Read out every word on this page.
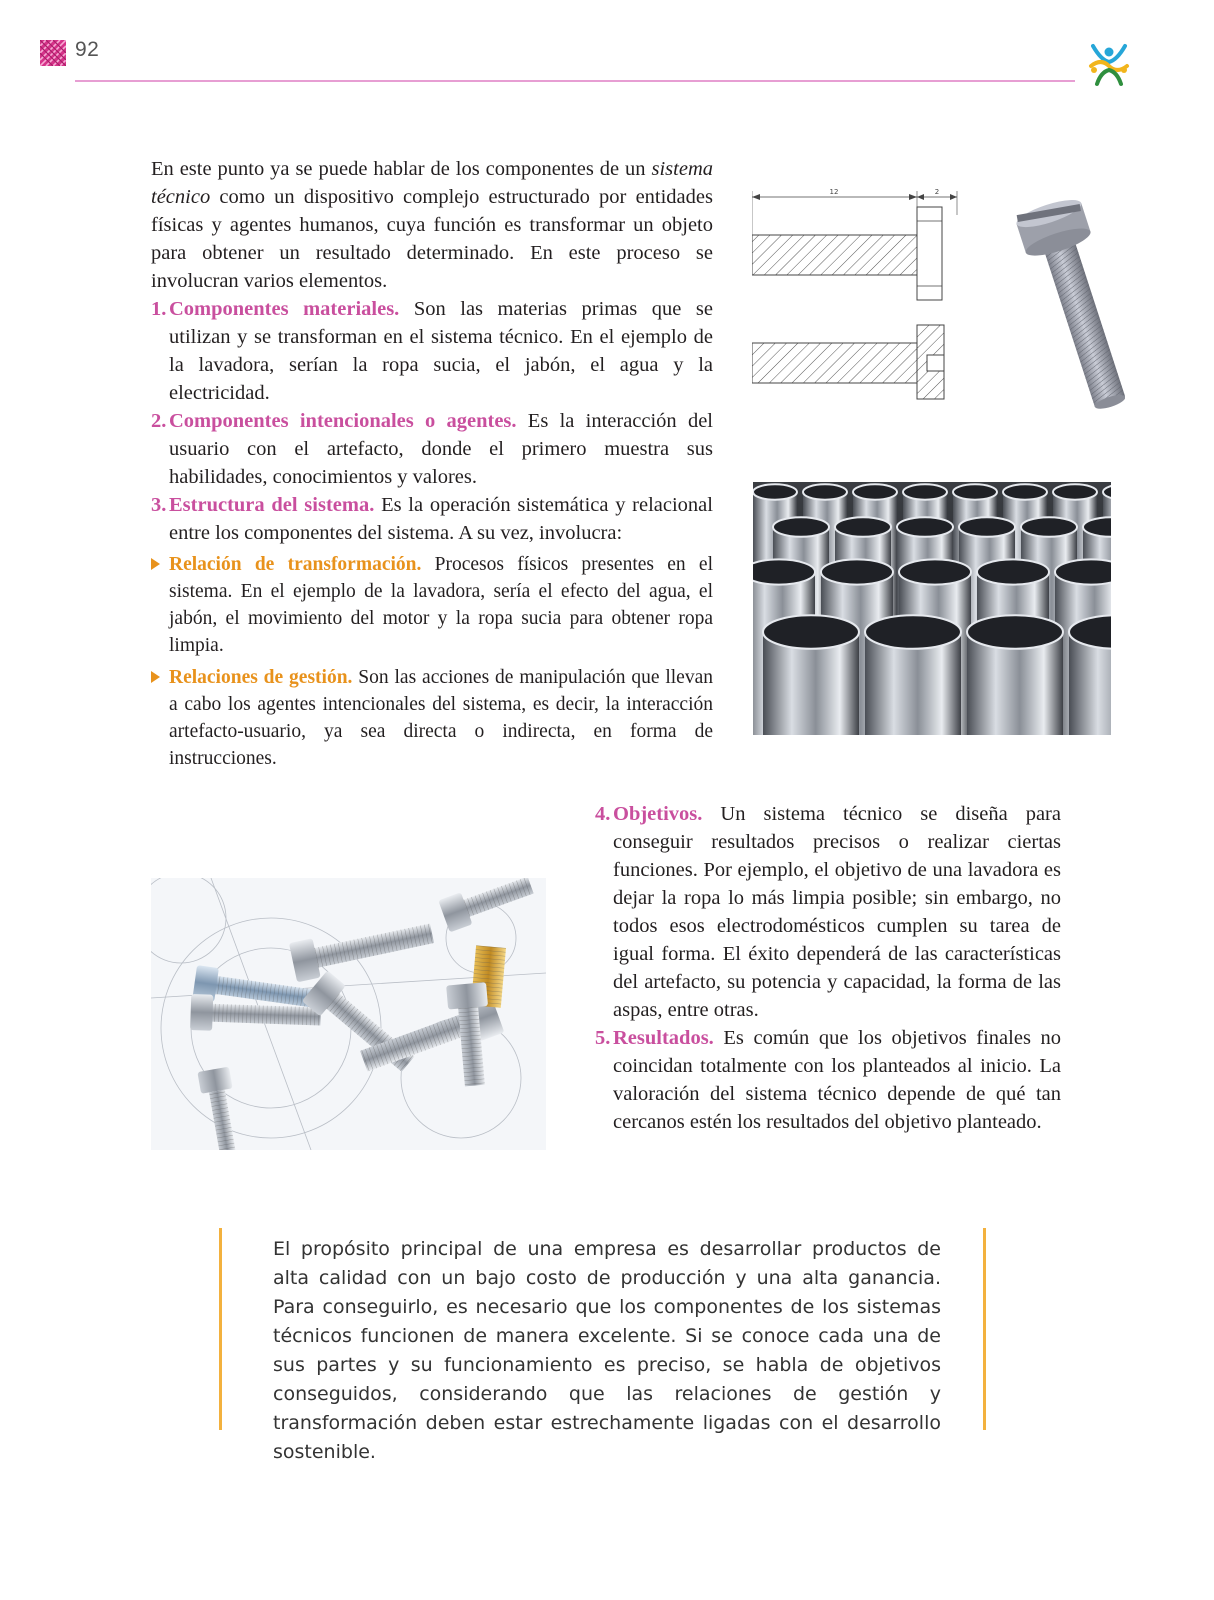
92

En este punto ya se puede hablar de los componentes de un sistema técnico como un dispositivo complejo estructurado por entidades físicas y agentes humanos, cuya función es transformar un objeto para obtener un resultado determinado. En este proceso se involucran varios elementos.

1. Componentes materiales. Son las materias primas que se utilizan y se transforman en el sistema técnico. En el ejemplo de la lavadora, serían la ropa sucia, el jabón, el agua y la electricidad.

2. Componentes intencionales o agentes. Es la interacción del usuario con el artefacto, donde el primero muestra sus habilidades, conocimientos y valores.

3. Estructura del sistema. Es la operación sistemática y relacional entre los componentes del sistema. A su vez, involucra:

Relación de transformación. Procesos físicos presentes en el sistema. En el ejemplo de la lavadora, sería el efecto del agua, el jabón, el movimiento del motor y la ropa sucia para obtener ropa limpia.

Relaciones de gestión. Son las acciones de manipulación que llevan a cabo los agentes intencionales del sistema, es decir, la interacción artefacto-usuario, ya sea directa o indirecta, en forma de instrucciones.

12	2

4. Objetivos. Un sistema técnico se diseña para conseguir resultados precisos o realizar ciertas funciones. Por ejemplo, el objetivo de una lavadora es dejar la ropa lo más limpia posible; sin embargo, no todos esos electrodomésticos cumplen su tarea de igual forma. El éxito dependerá de las características del artefacto, su potencia y capacidad, la forma de las aspas, entre otras.

5. Resultados. Es común que los objetivos finales no coincidan totalmente con los planteados al inicio. La valoración del sistema técnico depende de qué tan cercanos estén los resultados del objetivo planteado.

El propósito principal de una empresa es desarrollar productos de alta calidad con un bajo costo de producción y una alta ganancia. Para conseguirlo, es necesario que los componentes de los sistemas técnicos funcionen de manera excelente. Si se conoce cada una de sus partes y su funcionamiento es preciso, se habla de objetivos conseguidos, considerando que las relaciones de gestión y transformación deben estar estrechamente ligadas con el desarrollo sostenible.
